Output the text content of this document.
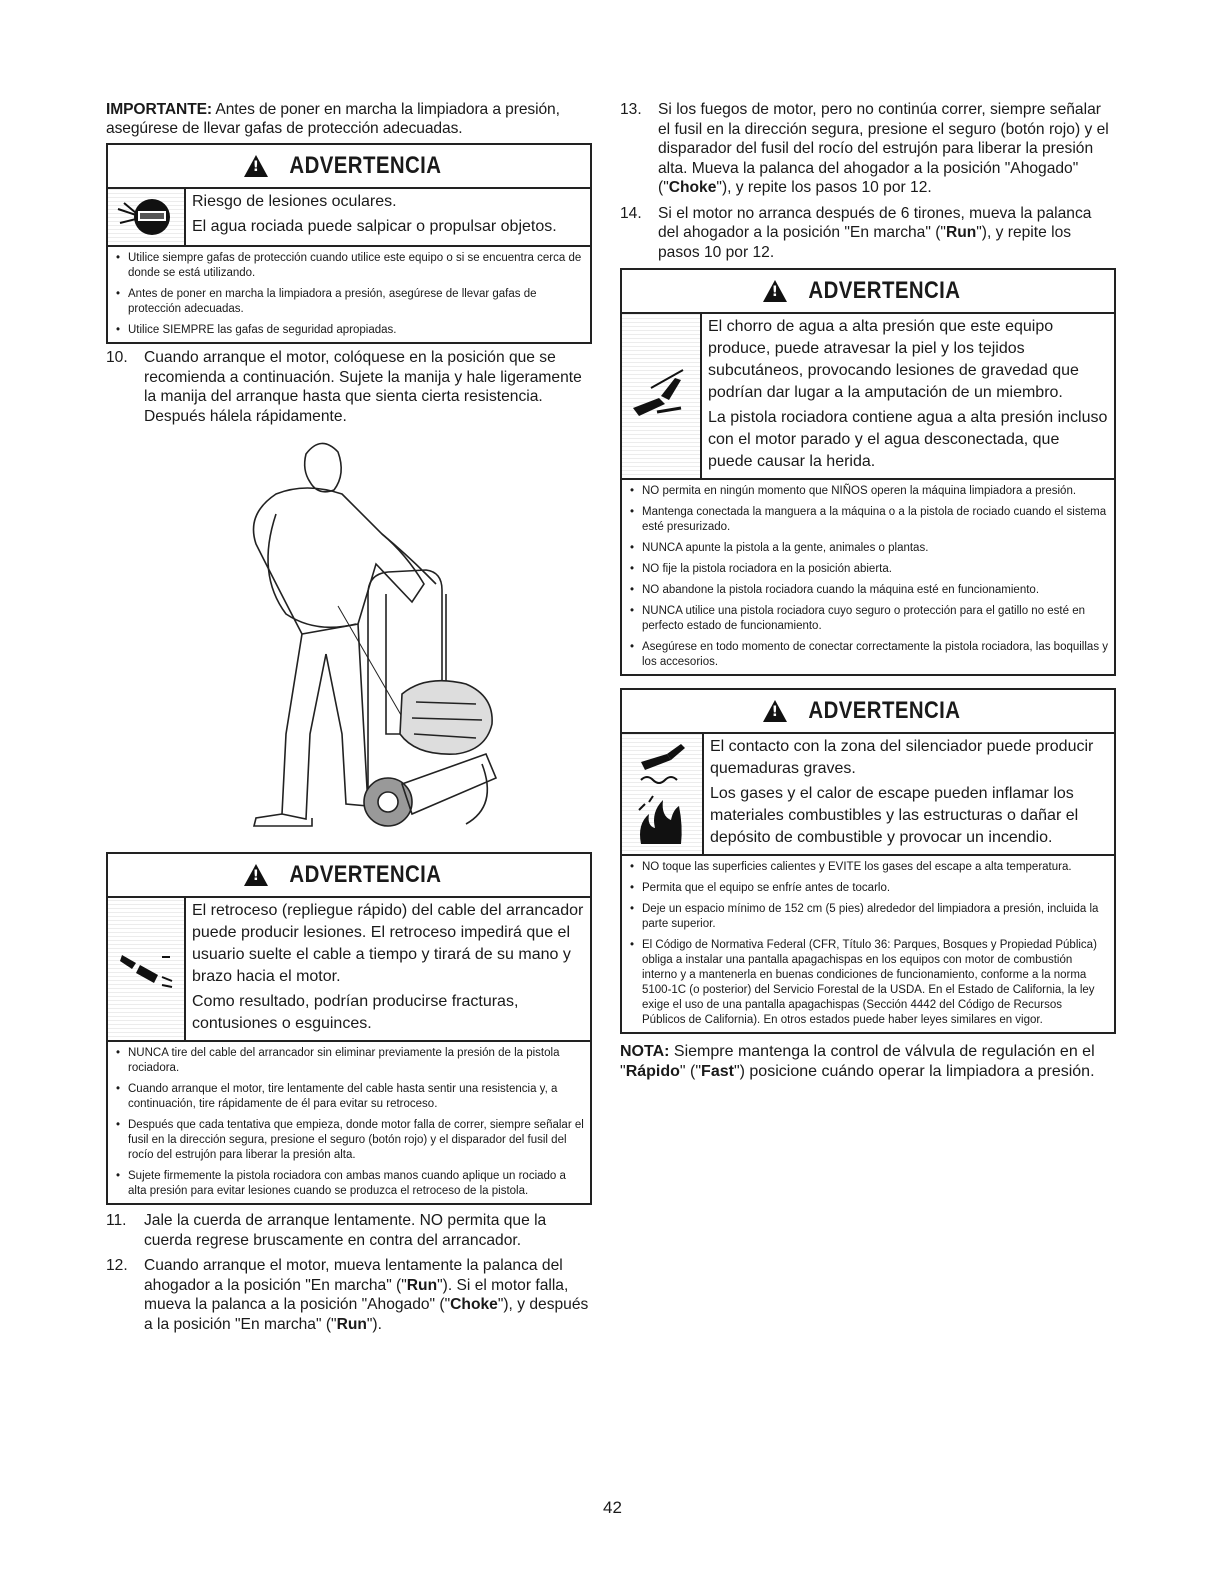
IMPORTANTE: Antes de poner en marcha la limpiadora a presión, asegúrese de llevar gafas de protección adecuadas.

!
ADVERTENCIA

Riesgo de lesiones oculares.

El agua rociada puede salpicar o propulsar objetos.

• Utilice siempre gafas de protección cuando utilice este equipo o si se encuentra cerca de donde se está utilizando.
• Antes de poner en marcha la limpiadora a presión, asegúrese de llevar gafas de protección adecuadas.
• Utilice SIEMPRE las gafas de seguridad apropiadas.
10.	Cuando arranque el motor, colóquese en la posición que se recomienda a continuación. Sujete la manija y hale ligeramente la manija del arranque hasta que sienta cierta resistencia. Después hálela rápidamente.
!
ADVERTENCIA

El retroceso (repliegue rápido) del cable del arrancador puede producir lesiones. El retroceso impedirá que el usuario suelte el cable a tiempo y tirará de su mano y brazo hacia el motor.

Como resultado, podrían producirse fracturas, contusiones o esguinces.

• NUNCA tire del cable del arrancador sin eliminar previamente la presión de la pistola rociadora.
• Cuando arranque el motor, tire lentamente del cable hasta sentir una resistencia y, a continuación, tire rápidamente de él para evitar su retroceso.
• Después que cada tentativa que empieza, donde motor falla de correr, siempre señalar el fusil en la dirección segura, presione el seguro (botón rojo) y el disparador del fusil del rocío del estrujón para liberar la presión alta.
• Sujete firmemente la pistola rociadora con ambas manos cuando aplique un rociado a alta presión para evitar lesiones cuando se produzca el retroceso de la pistola.
11.	Jale la cuerda de arranque lentamente. NO permita que la cuerda regrese bruscamente en contra del arrancador.
12.	Cuando arranque el motor, mueva lentamente la palanca del ahogador a la posición "En marcha" ("Run"). Si el motor falla, mueva la palanca a la posición "Ahogado" ("Choke"), y después a la posición "En marcha" ("Run").
13.	Si los fuegos de motor, pero no continúa correr, siempre señalar el fusil en la dirección segura, presione el seguro (botón rojo) y el disparador del fusil del rocío del estrujón para liberar la presión alta. Mueva la palanca del ahogador a la posición "Ahogado" ("Choke"), y repite los pasos 10 por 12.
14.	Si el motor no arranca después de 6 tirones, mueva la palanca del ahogador a la posición "En marcha" ("Run"), y repite los pasos 10 por 12.
!
ADVERTENCIA

El chorro de agua a alta presión que este equipo produce, puede atravesar la piel y los tejidos subcutáneos, provocando lesiones de gravedad que podrían dar lugar a la amputación de un miembro.

La pistola rociadora contiene agua a alta presión incluso con el motor parado y el agua desconectada, que puede causar la herida.

• NO permita en ningún momento que NIÑOS operen la máquina limpiadora a presión.
• Mantenga conectada la manguera a la máquina o a la pistola de rociado cuando el sistema esté presurizado.
• NUNCA apunte la pistola a la gente, animales o plantas.
• NO fije la pistola rociadora en la posición abierta.
• NO abandone la pistola rociadora cuando la máquina esté en funcionamiento.
• NUNCA utilice una pistola rociadora cuyo seguro o protección para el gatillo no esté en perfecto estado de funcionamiento.
• Asegúrese en todo momento de conectar correctamente la pistola rociadora, las boquillas y los accesorios.
!
ADVERTENCIA

El contacto con la zona del silenciador puede producir quemaduras graves.

Los gases y el calor de escape pueden inflamar los materiales combustibles y las estructuras o dañar el depósito de combustible y provocar un incendio.

• NO toque las superficies calientes y EVITE los gases del escape a alta temperatura.
• Permita que el equipo se enfríe antes de tocarlo.
• Deje un espacio mínimo de 152 cm (5 pies) alrededor del limpiadora a presión, incluida la parte superior.
• El Código de Normativa Federal (CFR, Título 36: Parques, Bosques y Propiedad Pública) obliga a instalar una pantalla apagachispas en los equipos con motor de combustión interno y a mantenerla en buenas condiciones de funcionamiento, conforme a la norma 5100-1C (o posterior) del Servicio Forestal de la USDA. En el Estado de California, la ley exige el uso de una pantalla apagachispas (Sección 4442 del Código de Recursos Públicos de California). En otros estados puede haber leyes similares en vigor.

NOTA: Siempre mantenga la control de válvula de regulación en el "Rápido" ("Fast") posicione cuándo operar la limpiadora a presión.

42
